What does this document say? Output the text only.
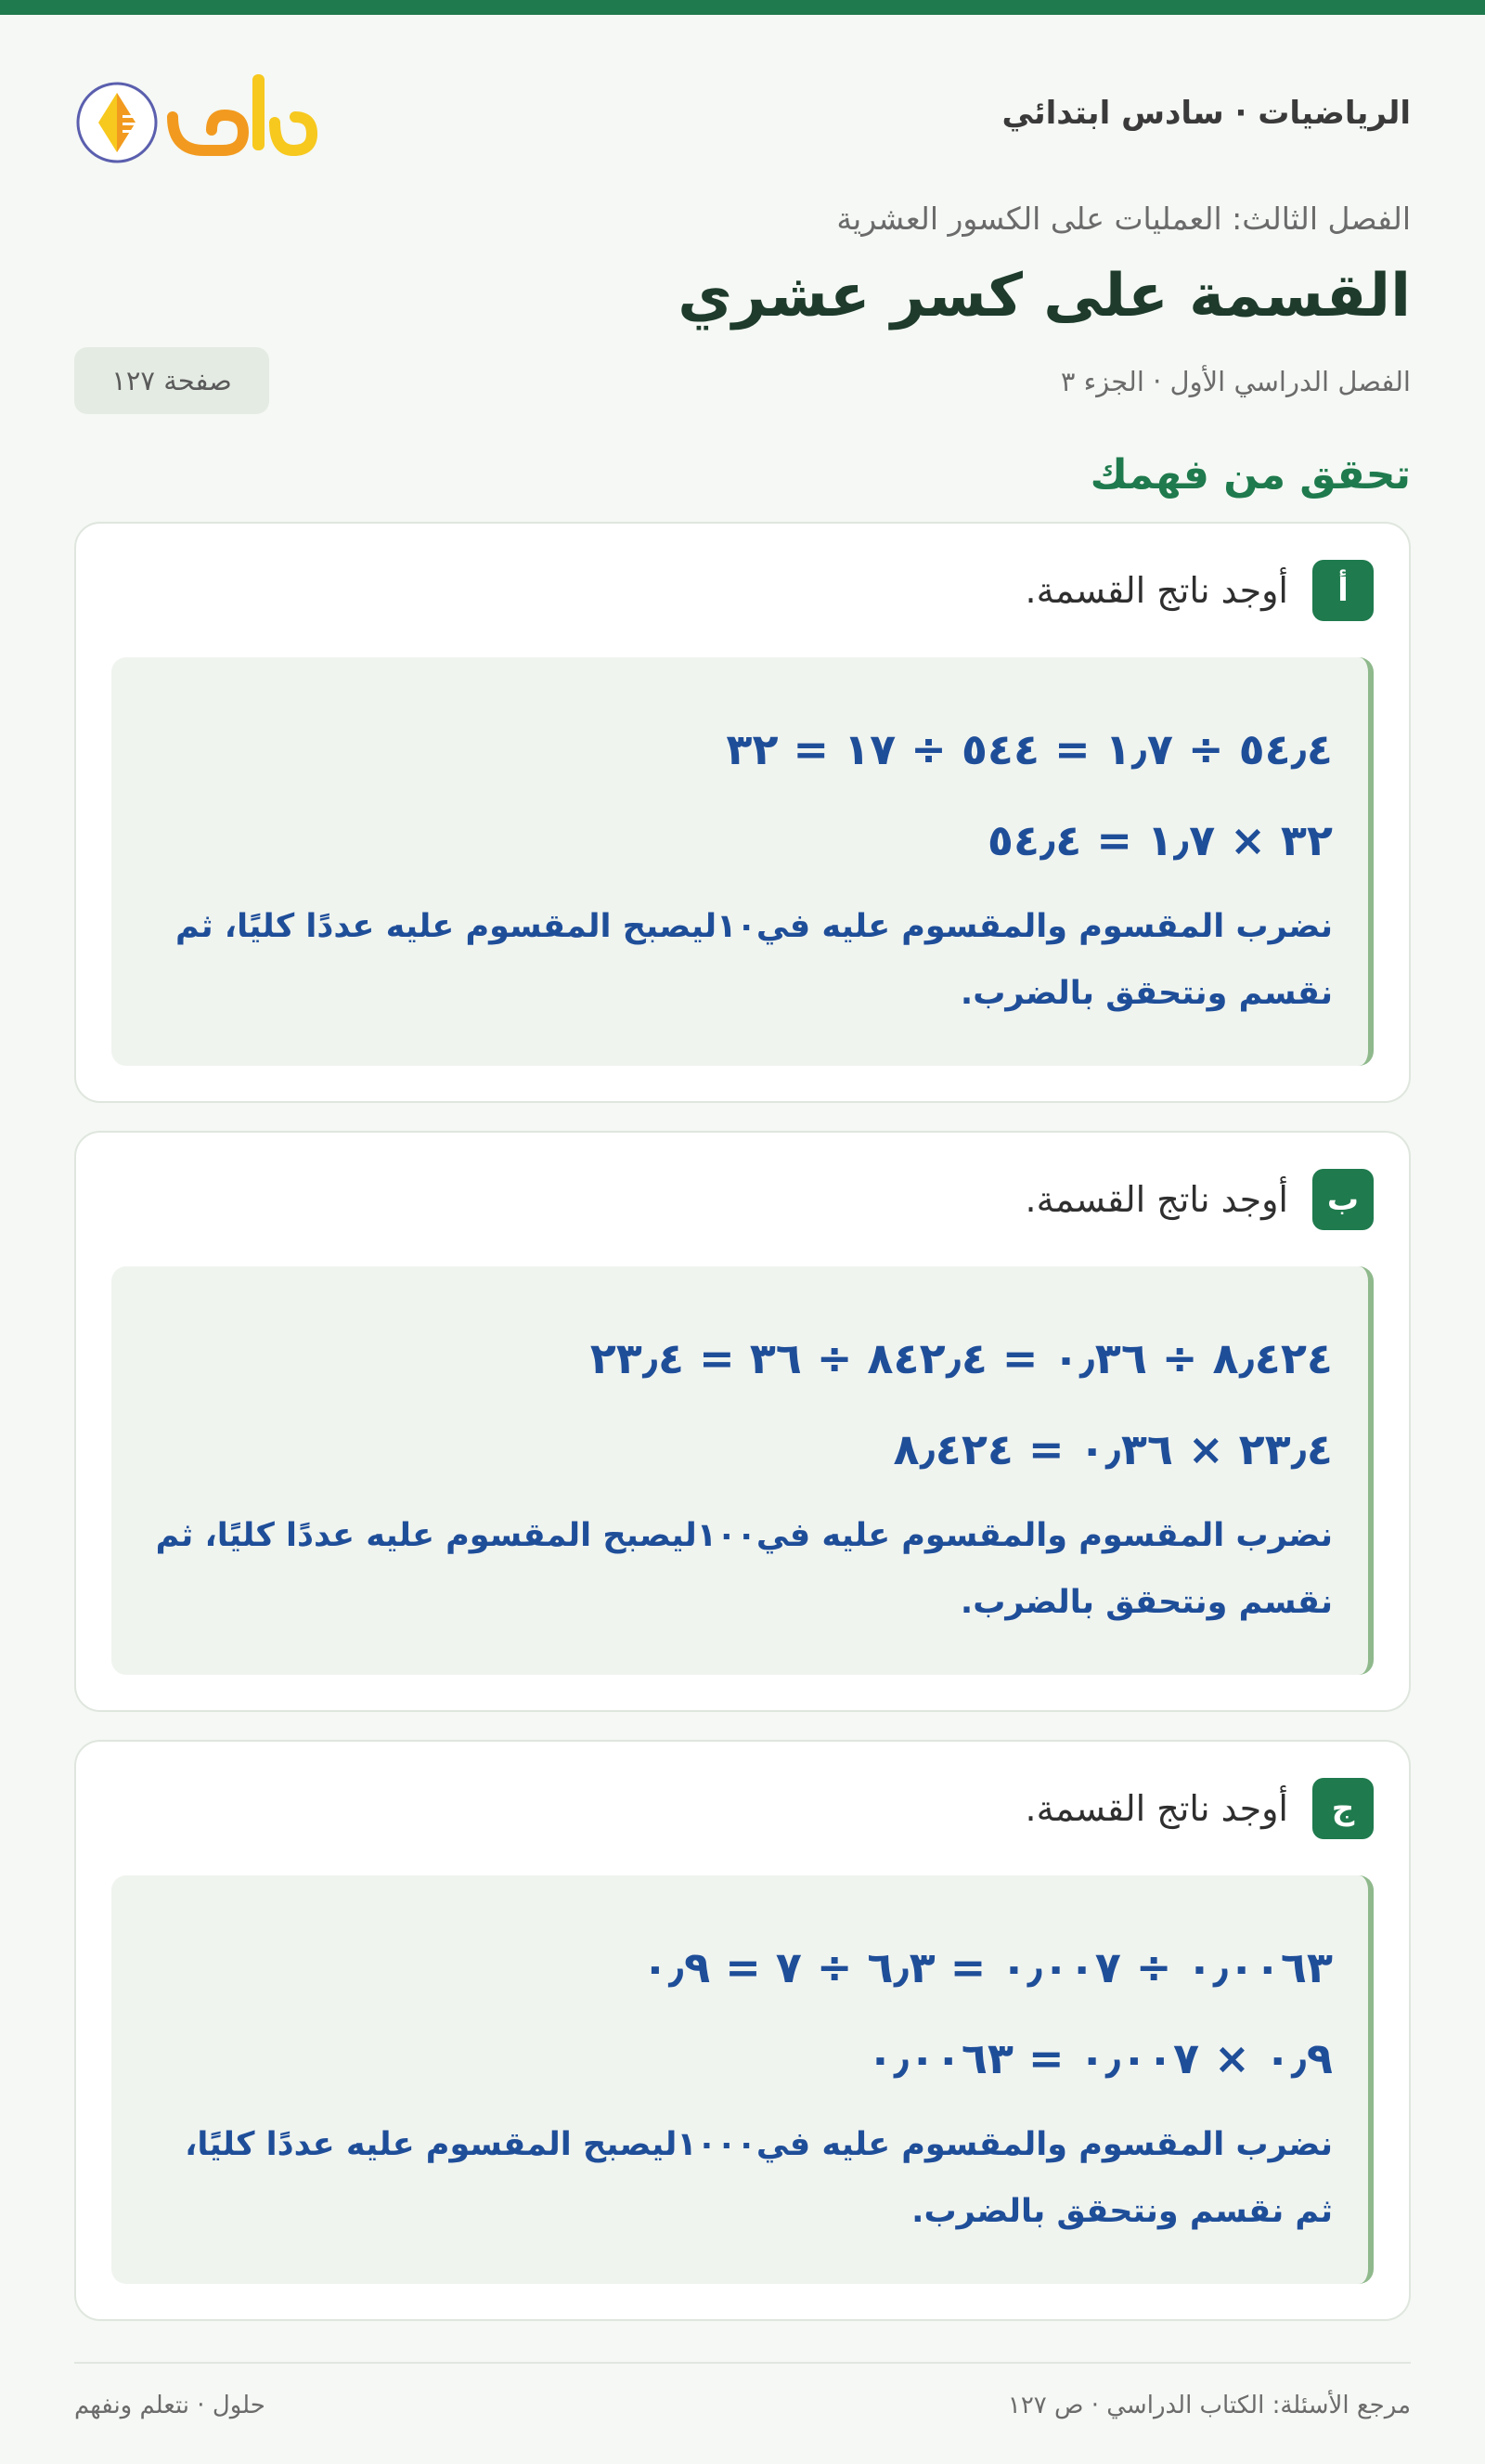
الرياضيات · سادس ابتدائي
الفصل الثالث: العمليات على الكسور العشرية
القسمة على كسر عشري
الفصل الدراسي الأول · الجزء ٣
صفحة ١٢٧
تحقق من فهمك
أ
أوجد ناتج القسمة.
٥٤٫٤ ÷ ١٫٧ = ٥٤٤ ÷ ١٧ = ٣٢
٣٢ × ١٫٧ = ٥٤٫٤
نضرب المقسوم والمقسوم عليه في١٠ليصبح المقسوم عليه عددًا كليًا، ثم نقسم ونتحقق بالضرب.
ب
أوجد ناتج القسمة.
٨٫٤٢٤ ÷ ٠٫٣٦ = ٨٤٢٫٤ ÷ ٣٦ = ٢٣٫٤
٢٣٫٤ × ٠٫٣٦ = ٨٫٤٢٤
نضرب المقسوم والمقسوم عليه في١٠٠ليصبح المقسوم عليه عددًا كليًا، ثم نقسم ونتحقق بالضرب.
ج
أوجد ناتج القسمة.
٠٫٠٠٦٣ ÷ ٠٫٠٠٧ = ٦٫٣ ÷ ٧ = ٠٫٩
٠٫٩ × ٠٫٠٠٧ = ٠٫٠٠٦٣
نضرب المقسوم والمقسوم عليه في١٠٠٠ليصبح المقسوم عليه عددًا كليًا، ثم نقسم ونتحقق بالضرب.
مرجع الأسئلة: الكتاب الدراسي · ص ١٢٧
حلول · نتعلم ونفهم
